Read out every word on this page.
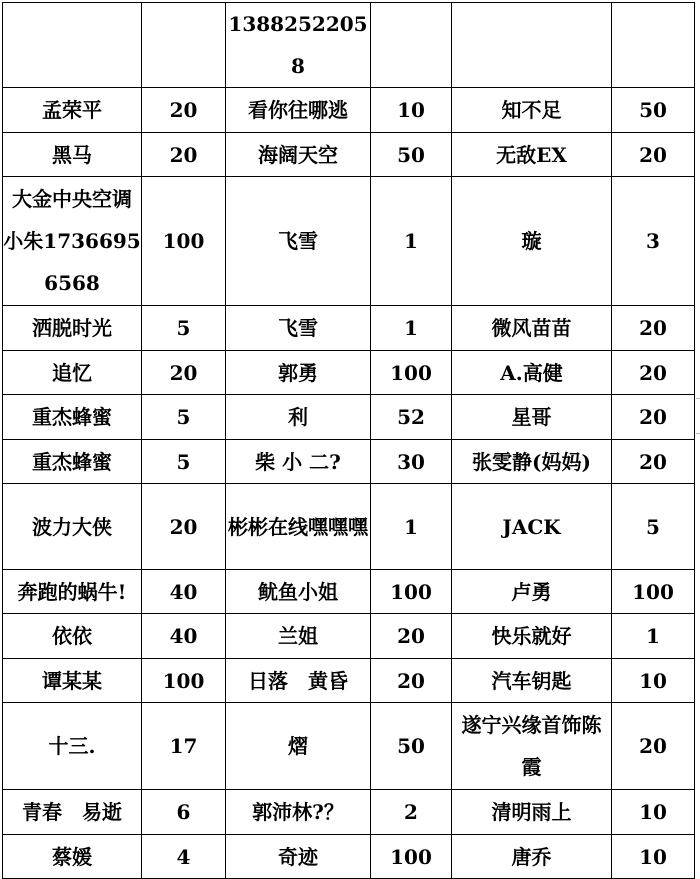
		13882522058			
孟荣平	20	看你往哪逃	10	知不足	50
黑马	20	海阔天空	50	无敌EX	20
大金中央空调小朱17366956568	100	飞雪	1	璇	3
洒脱时光	5	飞雪	1	微风苗苗	20
追忆	20	郭勇	100	A.高健	20
重杰蜂蜜	5	利	52	星哥	20
重杰蜂蜜	5	柴 小 二?	30	张雯静(妈妈)	20
波力大侠	20	彬彬在线嘿嘿嘿	1	JACK	5
奔跑的蜗牛!	40	鱿鱼小姐	100	卢勇	100
依依	40	兰姐	20	快乐就好	1
谭某某	100	日落　黄昏	20	汽车钥匙	10
十三.	17	熠	50	遂宁兴缘首饰陈霞	20
青春　易逝	6	郭沛林?？	2	清明雨上	10
蔡媛	4	奇迹	100	唐乔	10
